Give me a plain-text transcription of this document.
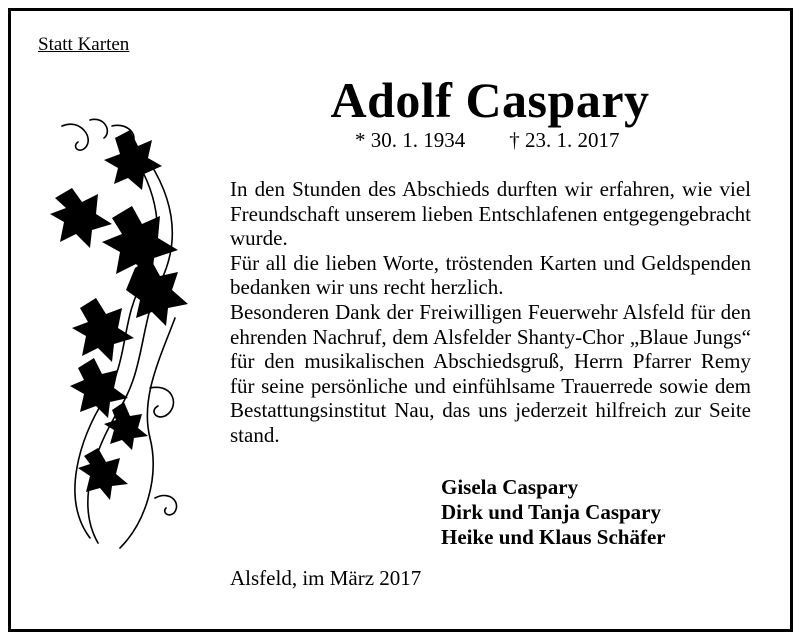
Statt Karten
Adolf Caspary
* 30. 1. 1934 † 23. 1. 2017

In den Stunden des Abschieds durften wir erfahren, wie viel Freundschaft unserem lieben Entschlafenen entgegengebracht wurde.

Für all die lieben Worte, tröstenden Karten und Geldspenden bedanken wir uns recht herzlich.

Besonderen Dank der Freiwilligen Feuerwehr Alsfeld für den ehrenden Nachruf, dem Alsfelder Shanty-Chor „Blaue Jungs“ für den musikalischen Abschiedsgruß, Herrn Pfarrer Remy für seine persönliche und einfühlsame Trauerrede sowie dem Bestattungsinstitut Nau, das uns jederzeit hilfreich zur Seite stand.

Gisela Caspary
Dirk und Tanja Caspary
Heike und Klaus Schäfer
Alsfeld, im März 2017
